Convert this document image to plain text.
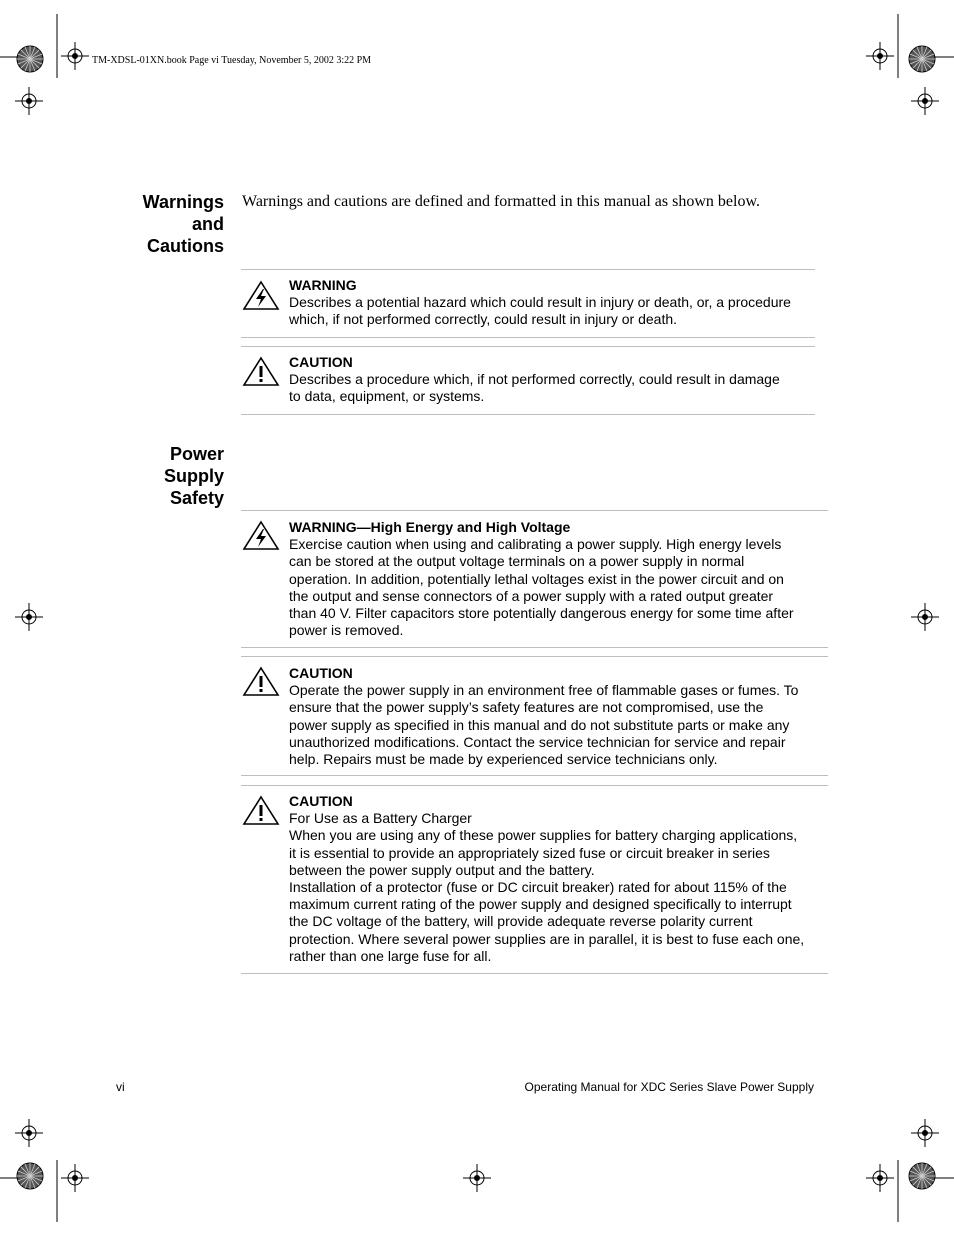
TM-XDSL-01XN.book Page vi Tuesday, November 5, 2002 3:22 PM
Warnings
and
Cautions
Warnings and cautions are defined and formatted in this manual as shown below.
WARNING
Describes a potential hazard which could result in injury or death, or, a procedure
which, if not performed correctly, could result in injury or death.
CAUTION
Describes a procedure which, if not performed correctly, could result in damage
to data, equipment, or systems.
Power
Supply
Safety
WARNING—High Energy and High Voltage
Exercise caution when using and calibrating a power supply. High energy levels
can be stored at the output voltage terminals on a power supply in normal
operation. In addition, potentially lethal voltages exist in the power circuit and on
the output and sense connectors of a power supply with a rated output greater
than 40 V. Filter capacitors store potentially dangerous energy for some time after
power is removed.
CAUTION
Operate the power supply in an environment free of flammable gases or fumes. To
ensure that the power supply’s safety features are not compromised, use the
power supply as specified in this manual and do not substitute parts or make any
unauthorized modifications. Contact the service technician for service and repair
help. Repairs must be made by experienced service technicians only.
CAUTION
For Use as a Battery Charger
When you are using any of these power supplies for battery charging applications,
it is essential to provide an appropriately sized fuse or circuit breaker in series
between the power supply output and the battery.
Installation of a protector (fuse or DC circuit breaker) rated for about 115% of the
maximum current rating of the power supply and designed specifically to interrupt
the DC voltage of the battery, will provide adequate reverse polarity current
protection. Where several power supplies are in parallel, it is best to fuse each one,
rather than one large fuse for all.
vi	Operating Manual for XDC Series Slave Power Supply
